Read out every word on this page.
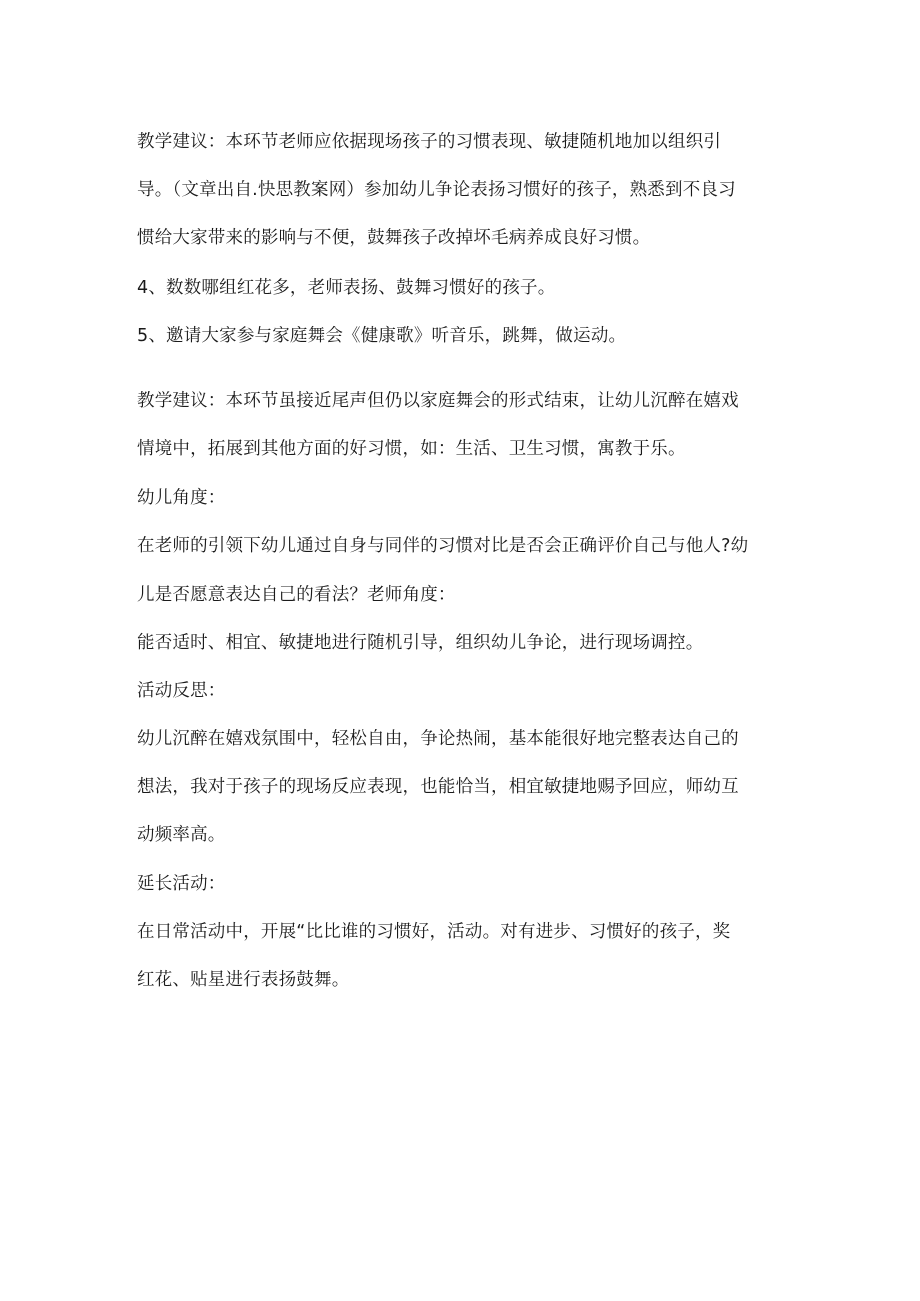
教学建议：本环节老师应依据现场孩子的习惯表现、敏捷随机地加以组织引
导。（文章出自.快思教案网）参加幼儿争论表扬习惯好的孩子，熟悉到不良习
惯给大家带来的影响与不便，鼓舞孩子改掉坏毛病养成良好习惯。
4、数数哪组红花多，老师表扬、鼓舞习惯好的孩子。
5、邀请大家参与家庭舞会《健康歌》听音乐，跳舞，做运动。
教学建议：本环节虽接近尾声但仍以家庭舞会的形式结束，让幼儿沉醉在嬉戏
情境中，拓展到其他方面的好习惯，如：生活、卫生习惯，寓教于乐。
幼儿角度：
在老师的引领下幼儿通过自身与同伴的习惯对比是否会正确评价自己与他人?幼
儿是否愿意表达自己的看法？老师角度：
能否适时、相宜、敏捷地进行随机引导，组织幼儿争论，进行现场调控。
活动反思：
幼儿沉醉在嬉戏氛围中，轻松自由，争论热闹，基本能很好地完整表达自己的
想法，我对于孩子的现场反应表现，也能恰当，相宜敏捷地赐予回应，师幼互
动频率高。
延长活动：
在日常活动中，开展“比比谁的习惯好，活动。对有进步、习惯好的孩子，奖
红花、贴星进行表扬鼓舞。
